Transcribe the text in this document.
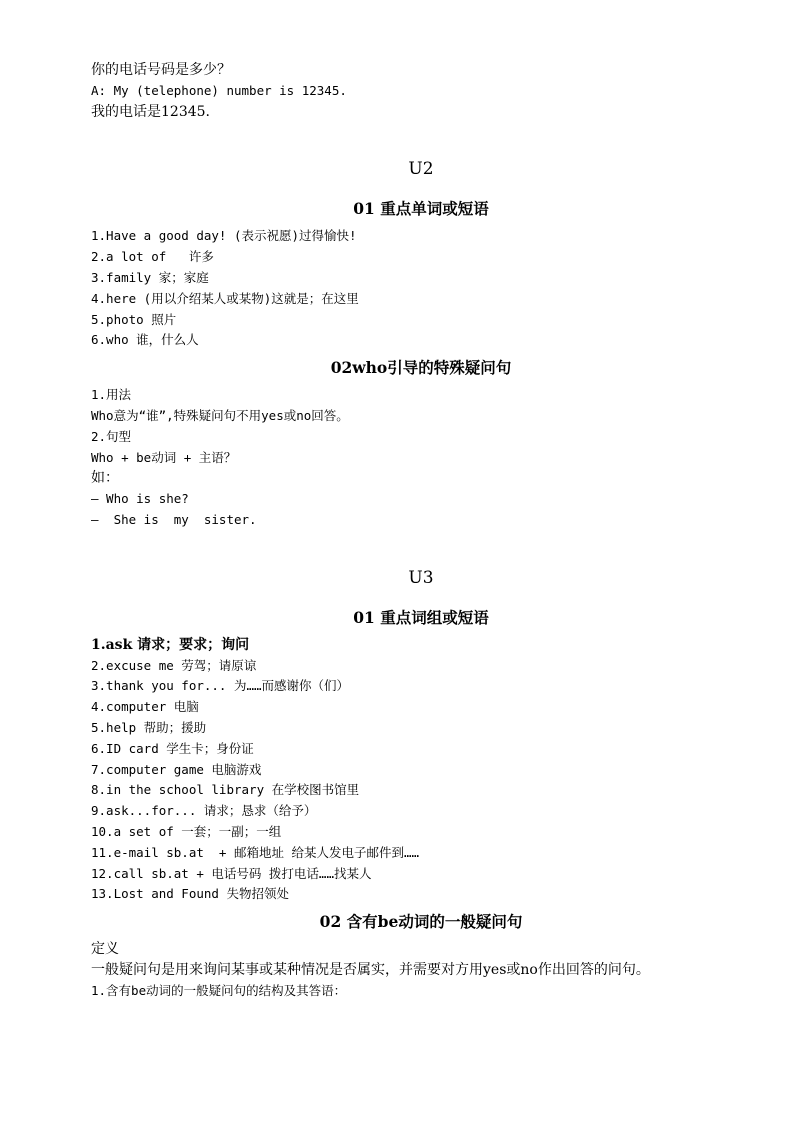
你的电话号码是多少？
A: My (telephone) number is 12345.
我的电话是12345.
U2
01 重点单词或短语
1.Have a good day! (表示祝愿)过得愉快!
2.a lot of   许多
3.family 家；家庭
4.here (用以介绍某人或某物)这就是；在这里
5.photo 照片
6.who 谁，什么人
02who引导的特殊疑问句
1.用法
Who意为“谁”,特殊疑问句不用yes或no回答。
2.句型
Who + be动词 + 主语？
如：
— Who is she?
—  She is  my  sister.
U3
01 重点词组或短语
1.ask 请求；要求；询问
2.excuse me 劳驾；请原谅
3.thank you for... 为……而感谢你（们）
4.computer 电脑
5.help 帮助；援助
6.ID card 学生卡；身份证
7.computer game 电脑游戏
8.in the school library 在学校图书馆里
9.ask...for... 请求；恳求（给予）
10.a set of 一套；一副；一组
11.e-mail sb.at  + 邮箱地址 给某人发电子邮件到……
12.call sb.at + 电话号码 拨打电话……找某人
13.Lost and Found 失物招领处
02 含有be动词的一般疑问句
定义
一般疑问句是用来询问某事或某种情况是否属实，并需要对方用yes或no作出回答的问句。
1.含有be动词的一般疑问句的结构及其答语：
